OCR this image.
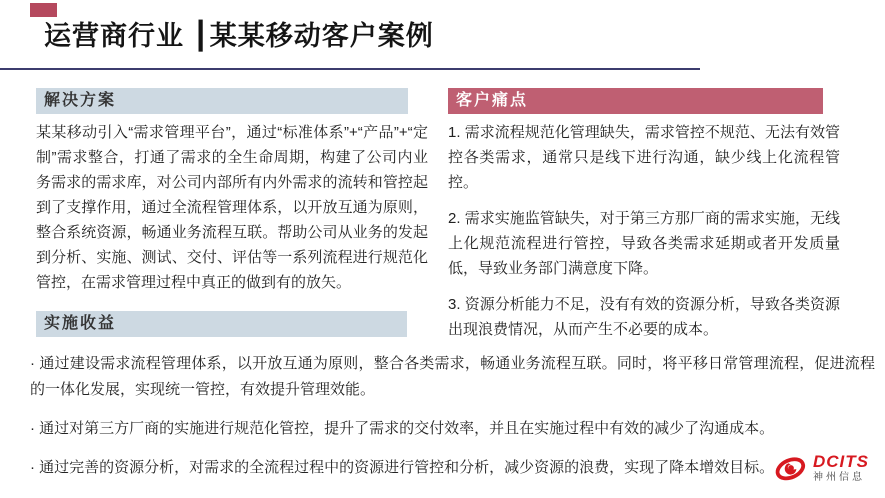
运营商行业 ┃某某移动客户案例
解决方案

某某移动引入“需求管理平台”，通过“标准体系”+“产品”+“定制”需求整合，打通了需求的全生命周期，构建了公司内业务需求的需求库，对公司内部所有内外需求的流转和管控起到了支撑作用，通过全流程管理体系，以开放互通为原则，整合系统资源，畅通业务流程互联。帮助公司从业务的发起到分析、实施、测试、交付、评估等一系列流程进行规范化管控，在需求管理过程中真正的做到有的放矢。

客户痛点

1. 需求流程规范化管理缺失，需求管控不规范、无法有效管控各类需求，通常只是线下进行沟通，缺少线上化流程管控。

2. 需求实施监管缺失，对于第三方那厂商的需求实施，无线上化规范流程进行管控，导致各类需求延期或者开发质量低，导致业务部门满意度下降。

3. 资源分析能力不足，没有有效的资源分析，导致各类资源出现浪费情况，从而产生不必要的成本。

实施收益

· 通过建设需求流程管理体系，以开放互通为原则，整合各类需求，畅通业务流程互联。同时，将平移日常管理流程，促进流程的一体化发展，实现统一管控，有效提升管理效能。

· 通过对第三方厂商的实施进行规范化管控，提升了需求的交付效率，并且在实施过程中有效的减少了沟通成本。

· 通过完善的资源分析，对需求的全流程过程中的资源进行管控和分析，减少资源的浪费，实现了降本增效目标。	DCITS
神州信息
